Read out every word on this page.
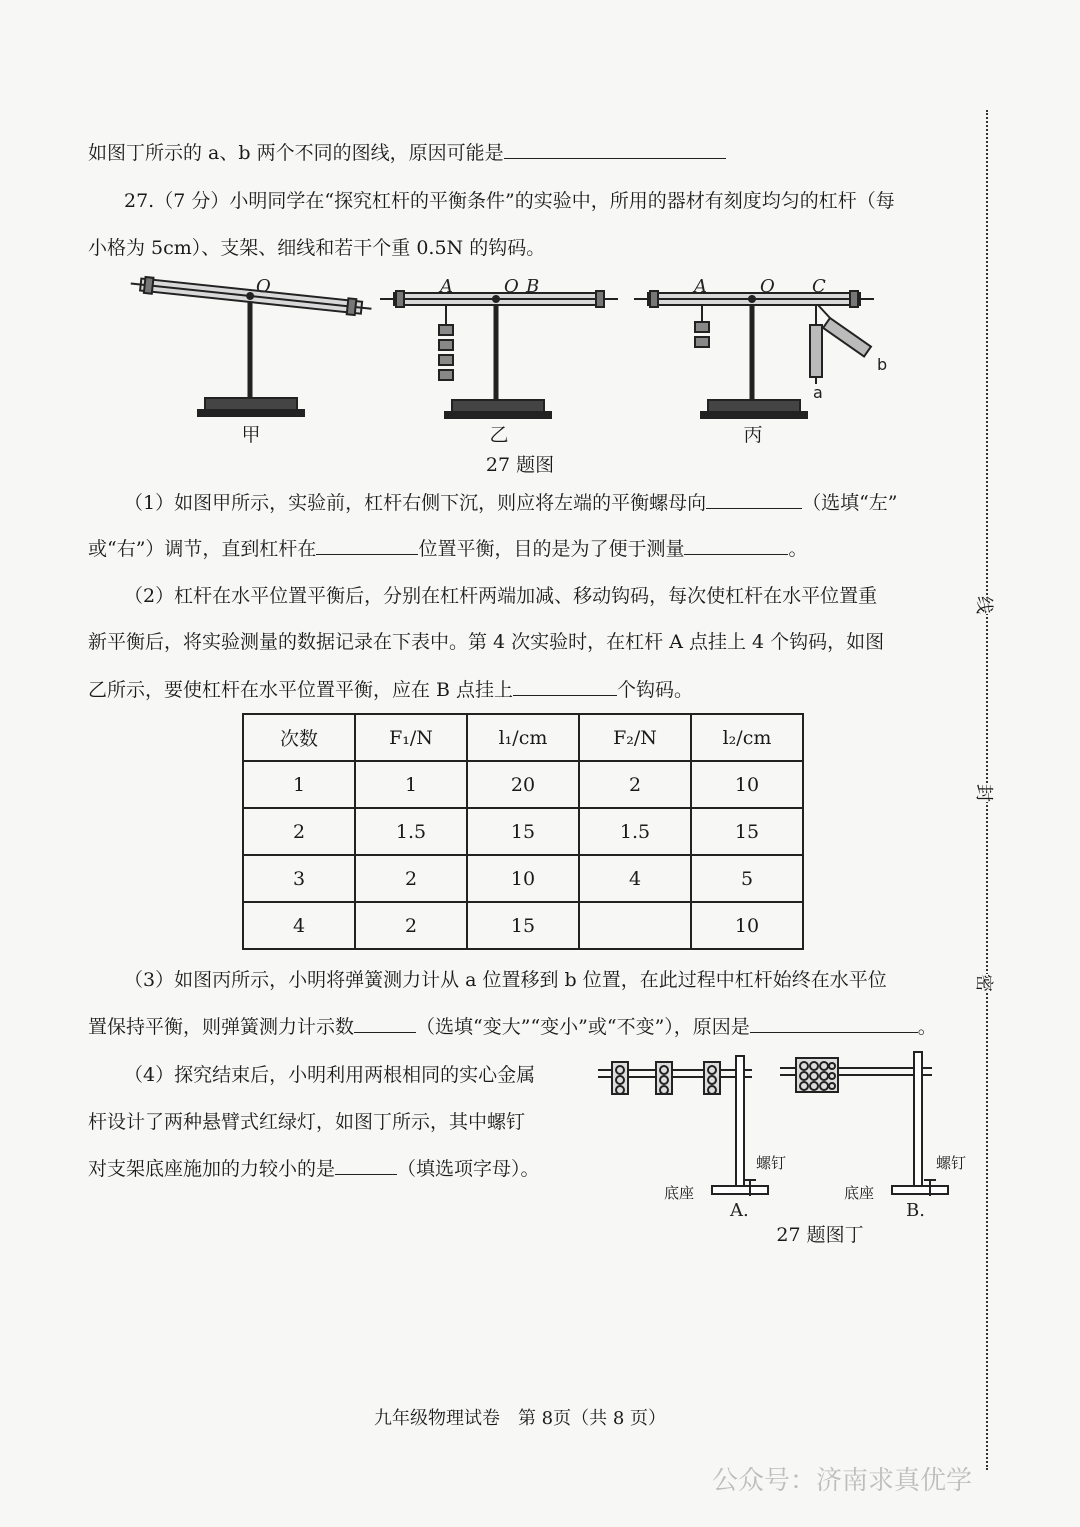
如图丁所示的 a、b 两个不同的图线，原因可能是
27.（7 分）小明同学在“探究杠杆的平衡条件”的实验中，所用的器材有刻度均匀的杠杆（每
小格为 5cm）、支架、细线和若干个重 0.5N 的钩码。
O	A	O B	A	O C
a
b
甲	乙	丙
27 题图
（1）如图甲所示，实验前，杠杆右侧下沉，则应将左端的平衡螺母向	（选填“左”
或“右”）调节，直到杠杆在	位置平衡，目的是为了便于测量	。
（2）杠杆在水平位置平衡后，分别在杠杆两端加减、移动钩码，每次使杠杆在水平位置重
新平衡后，将实验测量的数据记录在下表中。第 4 次实验时，在杠杆 A 点挂上 4 个钩码，如图
乙所示，要使杠杆在水平位置平衡，应在 B 点挂上	个钩码。
次数	F₁/N	l₁/cm	F₂/N	l₂/cm
1	1	20	2	10
2	1.5	15	1.5	15
3	2	10	4	5
4	2	15		10
（3）如图丙所示，小明将弹簧测力计从 a 位置移到 b 位置，在此过程中杠杆始终在水平位
置保持平衡，则弹簧测力计示数	（选填“变大”“变小”或“不变”），原因是	。
（4）探究结束后，小明利用两根相同的实心金属
杆设计了两种悬臂式红绿灯，如图丁所示，其中螺钉
对支架底座施加的力较小的是	（填选项字母）。	螺钉
底座
螺钉
底座
A.	B.
27 题图丁
线
封
密
九年级物理试卷　第 8页（共 8 页）
公众号：济南求真优学
